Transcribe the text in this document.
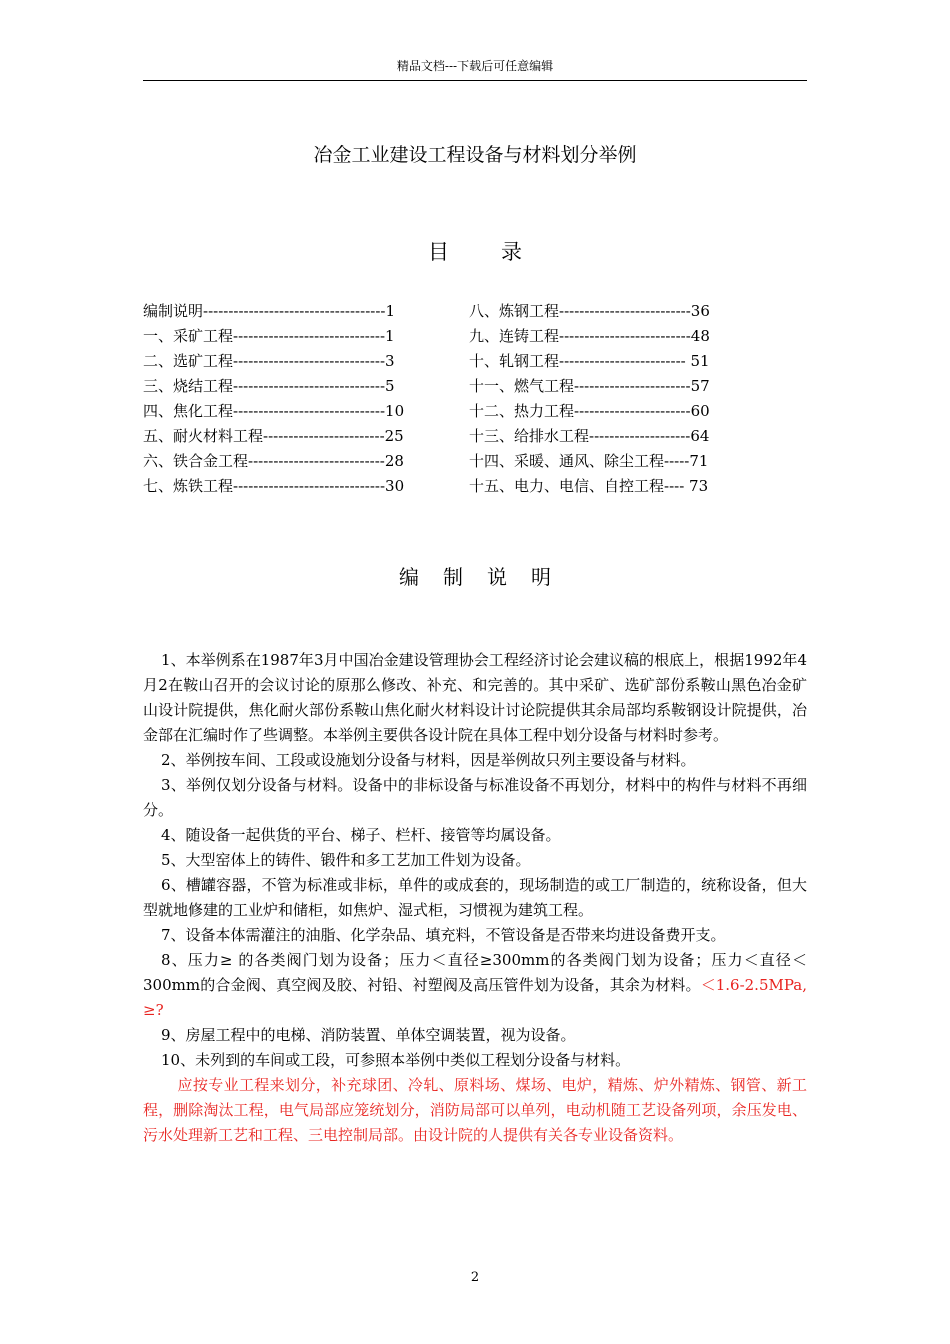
精品文档---下载后可任意编辑
冶金工业建设工程设备与材料划分举例
目录
编制说明------------------------------------1
一、采矿工程------------------------------1
二、选矿工程------------------------------3
三、烧结工程------------------------------5
四、焦化工程------------------------------10
五、耐火材料工程------------------------25
六、铁合金工程---------------------------28
七、炼铁工程------------------------------30
八、炼钢工程--------------------------36
九、连铸工程--------------------------48
十、轧钢工程------------------------- 51
十一、燃气工程-----------------------57
十二、热力工程-----------------------60
十三、给排水工程--------------------64
十四、采暖、通风、除尘工程-----71
十五、电力、电信、自控工程---- 73
编制说明

1、本举例系在1987年3月中国冶金建设管理协会工程经济讨论会建议稿的根底上，根据1992年4月2在鞍山召开的会议讨论的原那么修改、补充、和完善的。其中采矿、选矿部份系鞍山黑色冶金矿山设计院提供，焦化耐火部份系鞍山焦化耐火材料设计讨论院提供其余局部均系鞍钢设计院提供，冶金部在汇编时作了些调整。本举例主要供各设计院在具体工程中划分设备与材料时参考。

2、举例按车间、工段或设施划分设备与材料，因是举例故只列主要设备与材料。

3、举例仅划分设备与材料。设备中的非标设备与标准设备不再划分，材料中的构件与材料不再细分。

4、随设备一起供货的平台、梯子、栏杆、接管等均属设备。

5、大型窑体上的铸件、锻件和多工艺加工件划为设备。

6、槽罐容器，不管为标准或非标，单件的或成套的，现场制造的或工厂制造的，统称设备，但大型就地修建的工业炉和储柜，如焦炉、湿式柜，习惯视为建筑工程。

7、设备本体需灌注的油脂、化学杂品、填充料，不管设备是否带来均进设备费开支。

8、压力≥ 的各类阀门划为设备；压力＜直径≥300mm的各类阀门划为设备；压力＜直径＜300mm的合金阀、真空阀及胶、衬铅、衬塑阀及高压管件划为设备，其余为材料。＜1.6-2.5MPa, ≥?

9、房屋工程中的电梯、消防装置、单体空调装置，视为设备。

10、未列到的车间或工段，可参照本举例中类似工程划分设备与材料。

应按专业工程来划分，补充球团、冷轧、原料场、煤场、电炉，精炼、炉外精炼、钢管、新工程，删除淘汰工程，电气局部应笼统划分，消防局部可以单列，电动机随工艺设备列项，余压发电、污水处理新工艺和工程、三电控制局部。由设计院的人提供有关各专业设备资料。

2
